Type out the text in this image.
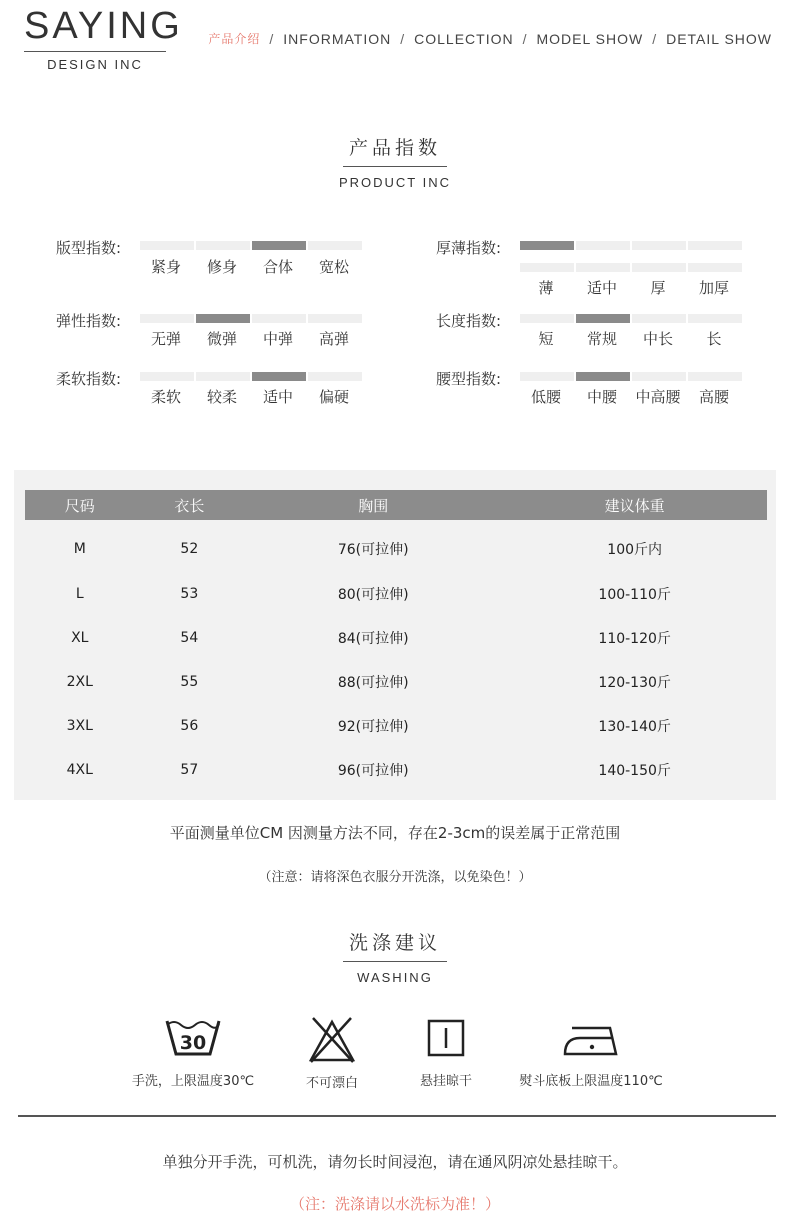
SAYING
DESIGN INC
产品介绍 / INFORMATION / COLLECTION / MODEL SHOW / DETAIL SHOW
产品指数
PRODUCT INC
版型指数:
紧身	修身	合体	宽松
厚薄指数:
薄	适中	厚	加厚
弹性指数:
无弹	微弹	中弹	高弹
长度指数:
短	常规	中长	长
柔软指数:
柔软	较柔	适中	偏硬
腰型指数:
低腰	中腰	中高腰	高腰
尺码	衣长	胸围	建议体重
M	52	76(可拉伸)	100斤内
L	53	80(可拉伸)	100-110斤
XL	54	84(可拉伸)	110-120斤
2XL	55	88(可拉伸)	120-130斤
3XL	56	92(可拉伸)	130-140斤
4XL	57	96(可拉伸)	140-150斤
平面测量单位CM 因测量方法不同，存在2-3cm的误差属于正常范围
（注意：请将深色衣服分开洗涤，以免染色！）
洗涤建议
WASHING
30
手洗，上限温度30℃	不可漂白	悬挂晾干	熨斗底板上限温度110℃
单独分开手洗，可机洗，请勿长时间浸泡，请在通风阴凉处悬挂晾干。
（注：洗涤请以水洗标为准！）
